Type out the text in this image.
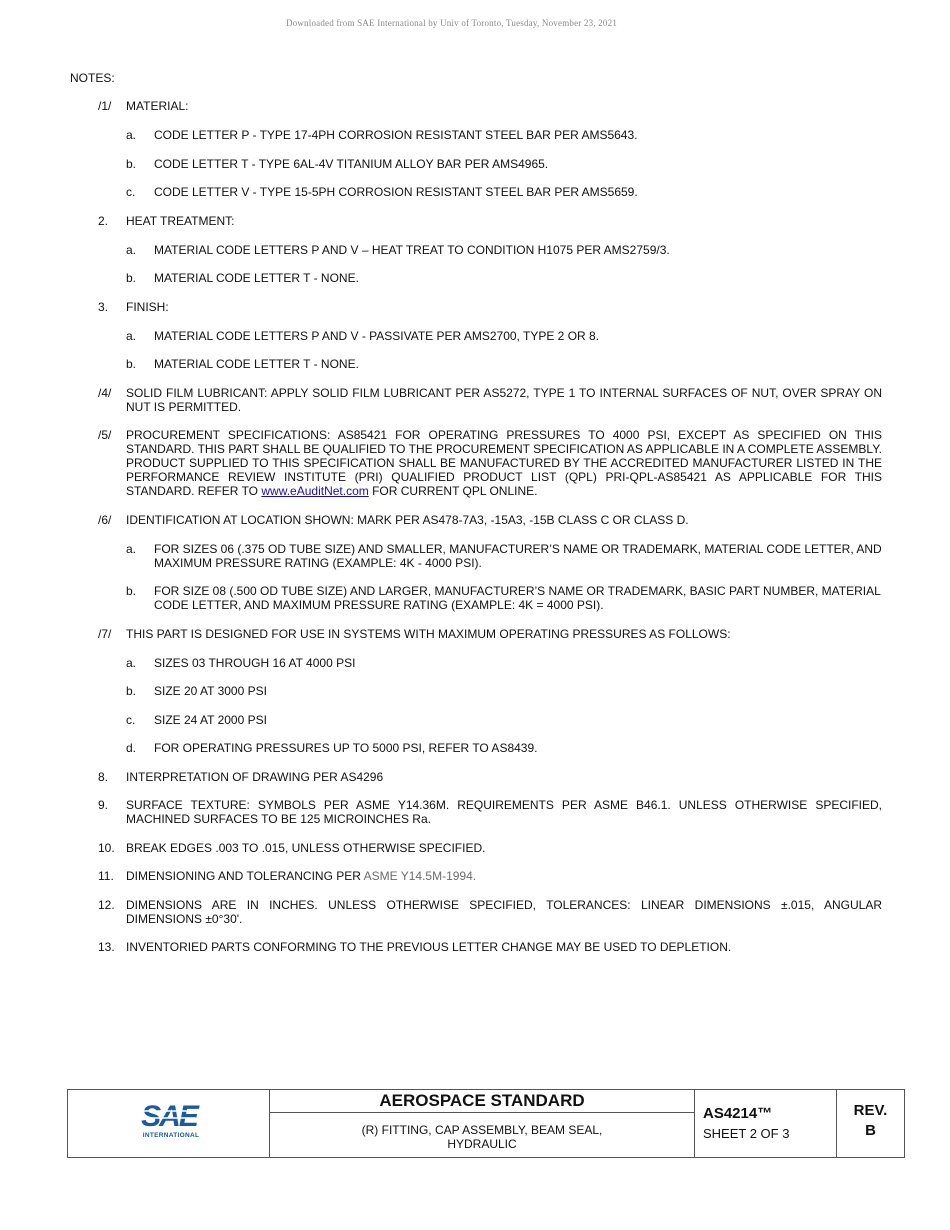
Downloaded from SAE International by Univ of Toronto, Tuesday, November 23, 2021
NOTES:
/1/ MATERIAL:
a. CODE LETTER P - TYPE 17-4PH CORROSION RESISTANT STEEL BAR PER AMS5643.
b. CODE LETTER T - TYPE 6AL-4V TITANIUM ALLOY BAR PER AMS4965.
c. CODE LETTER V - TYPE 15-5PH CORROSION RESISTANT STEEL BAR PER AMS5659.
2. HEAT TREATMENT:
a. MATERIAL CODE LETTERS P AND V – HEAT TREAT TO CONDITION H1075 PER AMS2759/3.
b. MATERIAL CODE LETTER T - NONE.
3. FINISH:
a. MATERIAL CODE LETTERS P AND V - PASSIVATE PER AMS2700, TYPE 2 OR 8.
b. MATERIAL CODE LETTER T - NONE.
/4/ SOLID FILM LUBRICANT: APPLY SOLID FILM LUBRICANT PER AS5272, TYPE 1 TO INTERNAL SURFACES OF NUT, OVER SPRAY ON NUT IS PERMITTED.
/5/ PROCUREMENT SPECIFICATIONS: AS85421 FOR OPERATING PRESSURES TO 4000 PSI, EXCEPT AS SPECIFIED ON THIS STANDARD. THIS PART SHALL BE QUALIFIED TO THE PROCUREMENT SPECIFICATION AS APPLICABLE IN A COMPLETE ASSEMBLY. PRODUCT SUPPLIED TO THIS SPECIFICATION SHALL BE MANUFACTURED BY THE ACCREDITED MANUFACTURER LISTED IN THE PERFORMANCE REVIEW INSTITUTE (PRI) QUALIFIED PRODUCT LIST (QPL) PRI-QPL-AS85421 AS APPLICABLE FOR THIS STANDARD. REFER TO www.eAuditNet.com FOR CURRENT QPL ONLINE.
/6/ IDENTIFICATION AT LOCATION SHOWN: MARK PER AS478-7A3, -15A3, -15B CLASS C OR CLASS D.
a. FOR SIZES 06 (.375 OD TUBE SIZE) AND SMALLER, MANUFACTURER’S NAME OR TRADEMARK, MATERIAL CODE LETTER, AND MAXIMUM PRESSURE RATING (EXAMPLE: 4K - 4000 PSI).
b. FOR SIZE 08 (.500 OD TUBE SIZE) AND LARGER, MANUFACTURER’S NAME OR TRADEMARK, BASIC PART NUMBER, MATERIAL CODE LETTER, AND MAXIMUM PRESSURE RATING (EXAMPLE: 4K = 4000 PSI).
/7/ THIS PART IS DESIGNED FOR USE IN SYSTEMS WITH MAXIMUM OPERATING PRESSURES AS FOLLOWS:
a. SIZES 03 THROUGH 16 AT 4000 PSI
b. SIZE 20 AT 3000 PSI
c. SIZE 24 AT 2000 PSI
d. FOR OPERATING PRESSURES UP TO 5000 PSI, REFER TO AS8439.
8. INTERPRETATION OF DRAWING PER AS4296
9. SURFACE TEXTURE: SYMBOLS PER ASME Y14.36M. REQUIREMENTS PER ASME B46.1. UNLESS OTHERWISE SPECIFIED, MACHINED SURFACES TO BE 125 MICROINCHES Ra.
10. BREAK EDGES .003 TO .015, UNLESS OTHERWISE SPECIFIED.
11. DIMENSIONING AND TOLERANCING PER ASME Y14.5M-1994.
12. DIMENSIONS ARE IN INCHES. UNLESS OTHERWISE SPECIFIED, TOLERANCES: LINEAR DIMENSIONS ±.015, ANGULAR DIMENSIONS ±0°30'.
13. INVENTORIED PARTS CONFORMING TO THE PREVIOUS LETTER CHANGE MAY BE USED TO DEPLETION.
SAE
INTERNATIONAL
AEROSPACE STANDARD
(R) FITTING, CAP ASSEMBLY, BEAM SEAL,
HYDRAULIC
AS4214™
SHEET 2 OF 3
REV.
B
